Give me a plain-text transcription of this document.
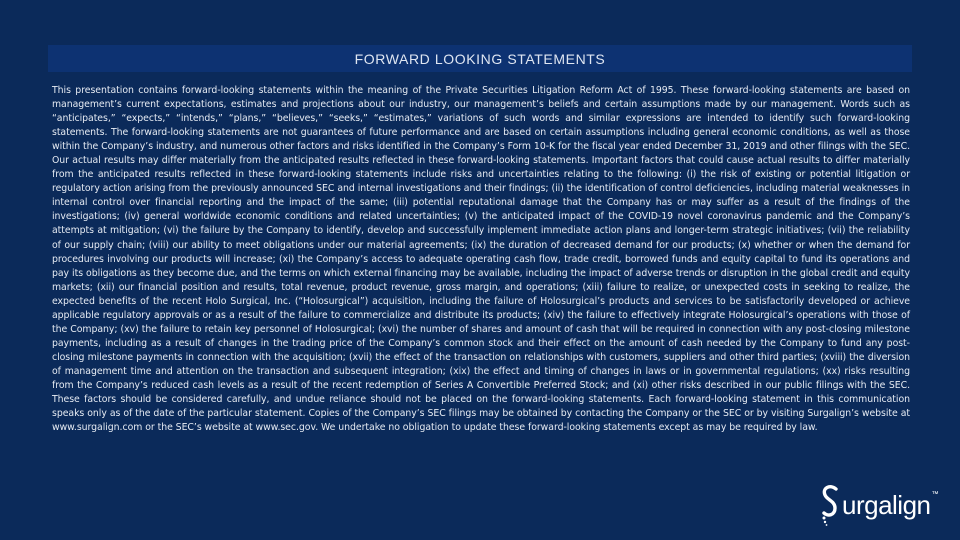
FORWARD LOOKING STATEMENTS

This presentation contains forward-looking statements within the meaning of the Private Securities Litigation Reform Act of 1995. These forward-looking statements are based on management’s current expectations, estimates and projections about our industry, our management’s beliefs and certain assumptions made by our management. Words such as “anticipates,” “expects,” “intends,” “plans,” “believes,” “seeks,” “estimates,” variations of such words and similar expressions are intended to identify such forward-looking statements. The forward-looking statements are not guarantees of future performance and are based on certain assumptions including general economic conditions, as well as those within the Company’s industry, and numerous other factors and risks identified in the Company’s Form 10-K for the fiscal year ended December 31, 2019 and other filings with the SEC. Our actual results may differ materially from the anticipated results reflected in these forward-looking statements. Important factors that could cause actual results to differ materially from the anticipated results reflected in these forward-looking statements include risks and uncertainties relating to the following: (i) the risk of existing or potential litigation or regulatory action arising from the previously announced SEC and internal investigations and their findings; (ii) the identification of control deficiencies, including material weaknesses in internal control over financial reporting and the impact of the same; (iii) potential reputational damage that the Company has or may suffer as a result of the findings of the investigations; (iv) general worldwide economic conditions and related uncertainties; (v) the anticipated impact of the COVID-19 novel coronavirus pandemic and the Company’s attempts at mitigation; (vi) the failure by the Company to identify, develop and successfully implement immediate action plans and longer-term strategic initiatives; (vii) the reliability of our supply chain; (viii) our ability to meet obligations under our material agreements; (ix) the duration of decreased demand for our products; (x) whether or when the demand for procedures involving our products will increase; (xi) the Company’s access to adequate operating cash flow, trade credit, borrowed funds and equity capital to fund its operations and pay its obligations as they become due, and the terms on which external financing may be available, including the impact of adverse trends or disruption in the global credit and equity markets; (xii) our financial position and results, total revenue, product revenue, gross margin, and operations; (xiii) failure to realize, or unexpected costs in seeking to realize, the expected benefits of the recent Holo Surgical, Inc. (“Holosurgical”) acquisition, including the failure of Holosurgical’s products and services to be satisfactorily developed or achieve applicable regulatory approvals or as a result of the failure to commercialize and distribute its products; (xiv) the failure to effectively integrate Holosurgical’s operations with those of the Company; (xv) the failure to retain key personnel of Holosurgical; (xvi) the number of shares and amount of cash that will be required in connection with any post-closing milestone payments, including as a result of changes in the trading price of the Company’s common stock and their effect on the amount of cash needed by the Company to fund any post-closing milestone payments in connection with the acquisition; (xvii) the effect of the transaction on relationships with customers, suppliers and other third parties; (xviii) the diversion of management time and attention on the transaction and subsequent integration; (xix) the effect and timing of changes in laws or in governmental regulations; (xx) risks resulting from the Company’s reduced cash levels as a result of the recent redemption of Series A Convertible Preferred Stock; and (xi) other risks described in our public filings with the SEC. These factors should be considered carefully, and undue reliance should not be placed on the forward-looking statements. Each forward-looking statement in this communication speaks only as of the date of the particular statement. Copies of the Company’s SEC filings may be obtained by contacting the Company or the SEC or by visiting Surgalign’s website at www.surgalign.com or the SEC’s website at www.sec.gov. We undertake no obligation to update these forward-looking statements except as may be required by law.

urgalign™
